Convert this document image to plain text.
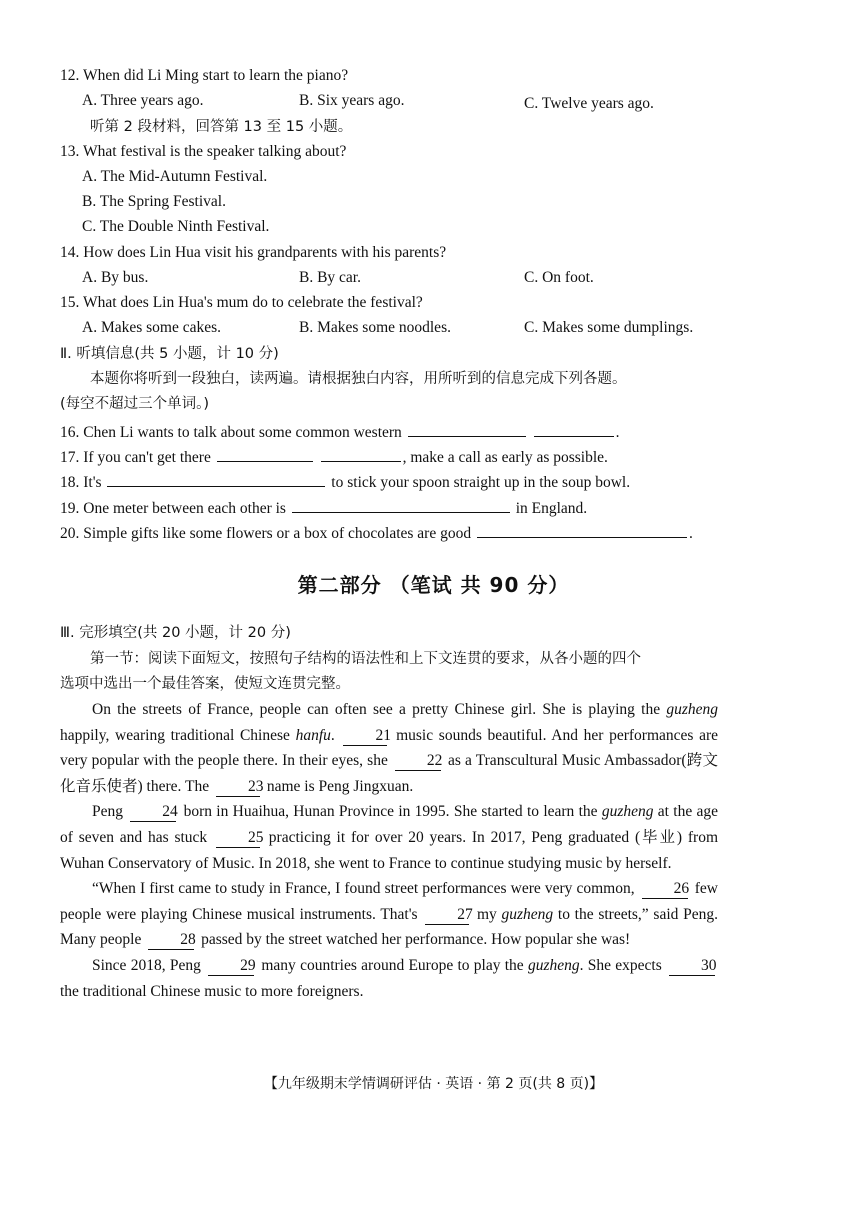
12. When did Li Ming start to learn the piano?
A. Three years ago.	B. Six years ago.	C. Twelve years ago.
听第 2 段材料，回答第 13 至 15 小题。
13. What festival is the speaker talking about?
A. The Mid-Autumn Festival.
B. The Spring Festival.
C. The Double Ninth Festival.
14. How does Lin Hua visit his grandparents with his parents?
A. By bus.	B. By car.	C. On foot.
15. What does Lin Hua's mum do to celebrate the festival?
A. Makes some cakes.	B. Makes some noodles.	C. Makes some dumplings.
Ⅱ. 听填信息(共 5 小题，计 10 分)
本题你将听到一段独白，读两遍。请根据独白内容，用所听到的信息完成下列各题。
(每空不超过三个单词。)
16. Chen Li wants to talk about some common western	.
17. If you can't get there	, make a call as early as possible.
18. It's	to stick your spoon straight up in the soup bowl.
19. One meter between each other is	in England.
20. Simple gifts like some flowers or a box of chocolates are good	.
第二部分 （笔试 共 90 分）
Ⅲ. 完形填空(共 20 小题，计 20 分)
第一节：阅读下面短文，按照句子结构的语法性和上下文连贯的要求，从各小题的四个
选项中选出一个最佳答案，使短文连贯完整。

On the streets of France, people can often see a pretty Chinese girl. She is playing the guzheng happily, wearing traditional Chinese hanfu. 21 music sounds beautiful. And her performances are very popular with the people there. In their eyes, she 22 as a Transcultural Music Ambassador(跨文化音乐使者) there. The 23 name is Peng Jingxuan.

Peng 24 born in Huaihua, Hunan Province in 1995. She started to learn the guzheng at the age of seven and has stuck 25 practicing it for over 20 years. In 2017, Peng graduated (毕业) from Wuhan Conservatory of Music. In 2018, she went to France to continue studying music by herself.

“When I first came to study in France, I found street performances were very common, 26 few people were playing Chinese musical instruments. That's 27 my guzheng to the streets,” said Peng. Many people 28 passed by the street watched her performance. How popular she was!

Since 2018, Peng 29 many countries around Europe to play the guzheng. She expects 30 the traditional Chinese music to more foreigners.

【九年级期末学情调研评估 · 英语 · 第 2 页(共 8 页)】
